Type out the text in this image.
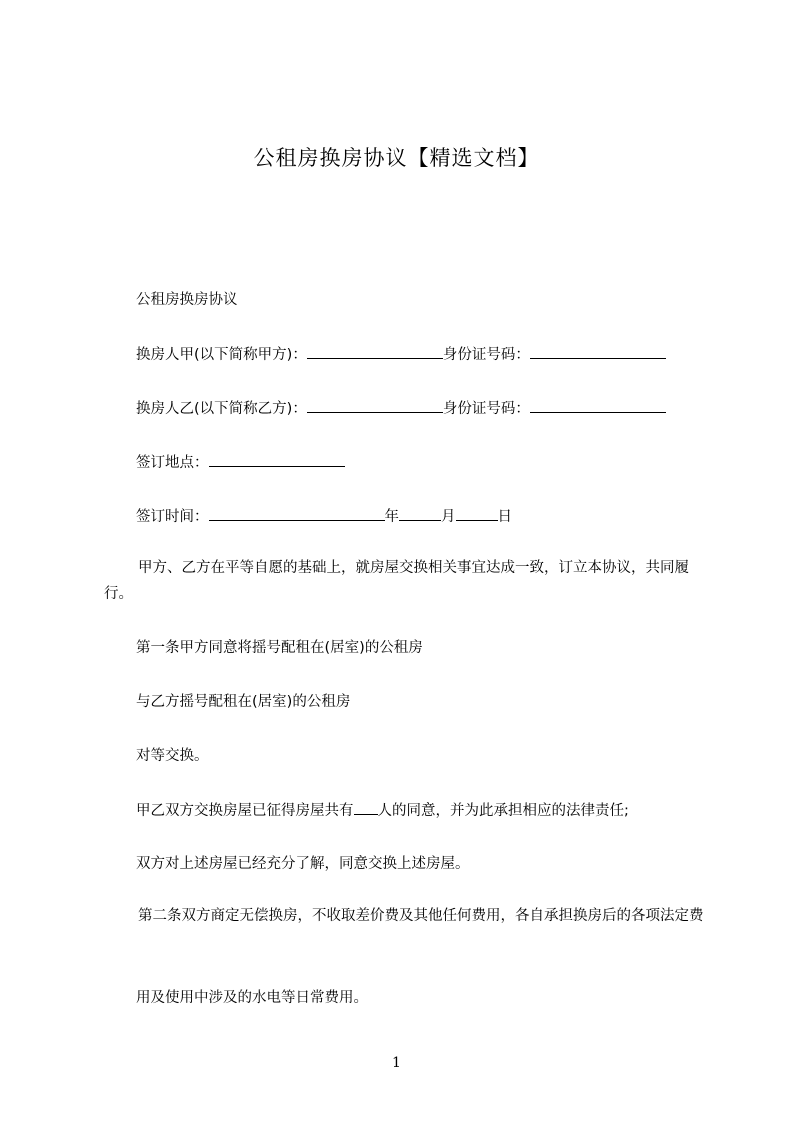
公租房换房协议【精选文档】
公租房换房协议
换房人甲(以下简称甲方)：	身份证号码：
换房人乙(以下简称乙方)：	身份证号码：
签订地点：
签订时间：	年	月	日
甲方、乙方在平等自愿的基础上，就房屋交换相关事宜达成一致，订立本协议，共同履行。
第一条甲方同意将摇号配租在(居室)的公租房
与乙方摇号配租在(居室)的公租房
对等交换。
甲乙双方交换房屋已征得房屋共有 人的同意，并为此承担相应的法律责任;
双方对上述房屋已经充分了解，同意交换上述房屋。
第二条双方商定无偿换房，不收取差价费及其他任何费用，各自承担换房后的各项法定费
用及使用中涉及的水电等日常费用。
1
